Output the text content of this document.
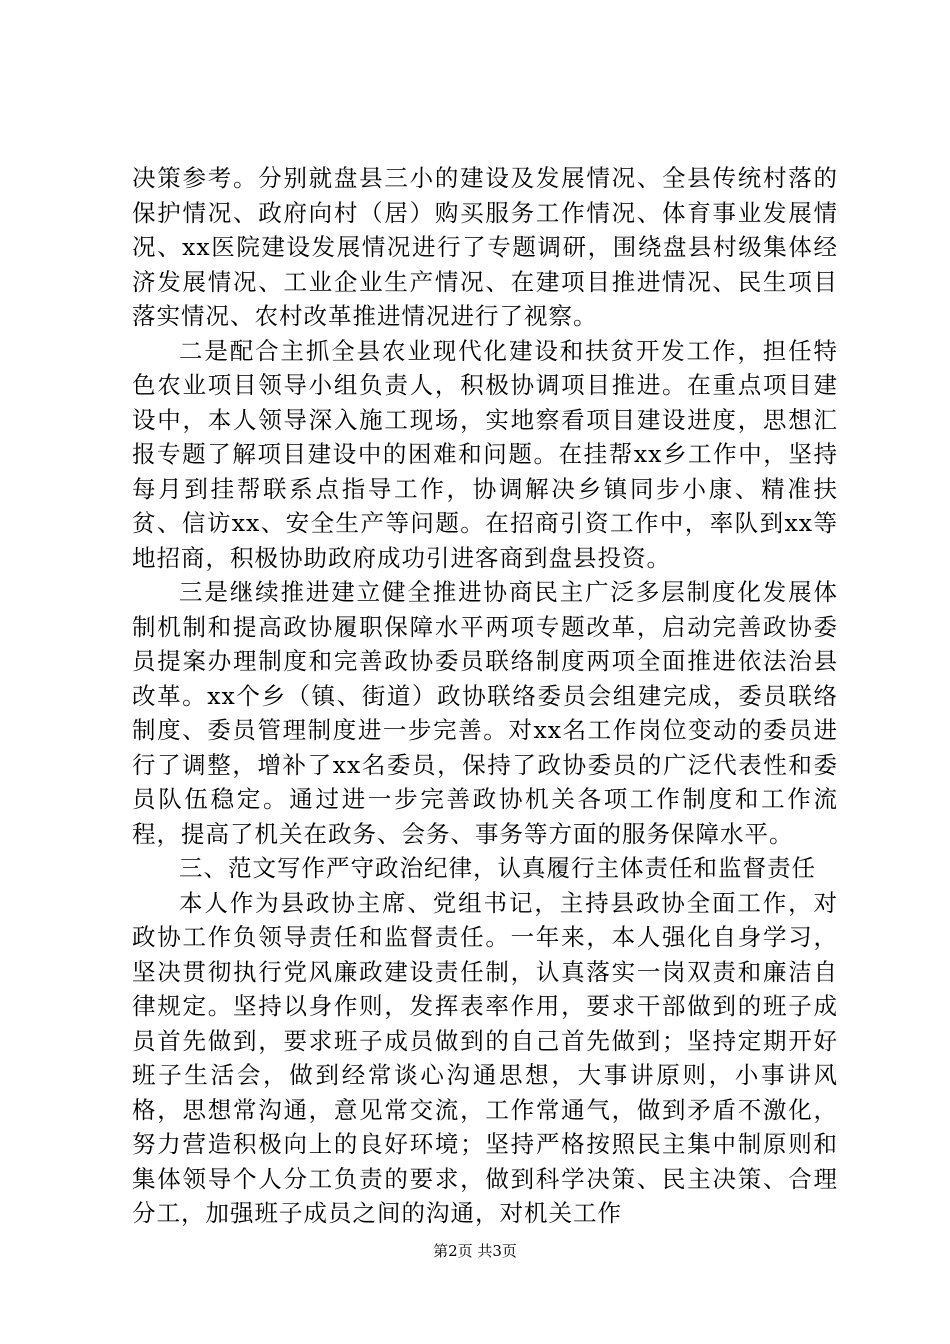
决策参考。分别就盘县三小的建设及发展情况、全县传统村落的保护情况、政府向村（居）购买服务工作情况、体育事业发展情况、xx医院建设发展情况进行了专题调研，围绕盘县村级集体经济发展情况、工业企业生产情况、在建项目推进情况、民生项目落实情况、农村改革推进情况进行了视察。

二是配合主抓全县农业现代化建设和扶贫开发工作，担任特色农业项目领导小组负责人，积极协调项目推进。在重点项目建设中，本人领导深入施工现场，实地察看项目建设进度，思想汇报专题了解项目建设中的困难和问题。在挂帮xx乡工作中，坚持每月到挂帮联系点指导工作，协调解决乡镇同步小康、精准扶贫、信访xx、安全生产等问题。在招商引资工作中，率队到xx等地招商，积极协助政府成功引进客商到盘县投资。

三是继续推进建立健全推进协商民主广泛多层制度化发展体制机制和提高政协履职保障水平两项专题改革，启动完善政协委员提案办理制度和完善政协委员联络制度两项全面推进依法治县改革。xx个乡（镇、街道）政协联络委员会组建完成，委员联络制度、委员管理制度进一步完善。对xx名工作岗位变动的委员进行了调整，增补了xx名委员，保持了政协委员的广泛代表性和委员队伍稳定。通过进一步完善政协机关各项工作制度和工作流程，提高了机关在政务、会务、事务等方面的服务保障水平。

三、范文写作严守政治纪律，认真履行主体责任和监督责任

本人作为县政协主席、党组书记，主持县政协全面工作，对政协工作负领导责任和监督责任。一年来，本人强化自身学习，坚决贯彻执行党风廉政建设责任制，认真落实一岗双责和廉洁自律规定。坚持以身作则，发挥表率作用，要求干部做到的班子成员首先做到，要求班子成员做到的自己首先做到；坚持定期开好班子生活会，做到经常谈心沟通思想，大事讲原则，小事讲风格，思想常沟通，意见常交流，工作常通气，做到矛盾不激化，努力营造积极向上的良好环境；坚持严格按照民主集中制原则和集体领导个人分工负责的要求，做到科学决策、民主决策、合理分工，加强班子成员之间的沟通，对机关工作

第2页 共3页
